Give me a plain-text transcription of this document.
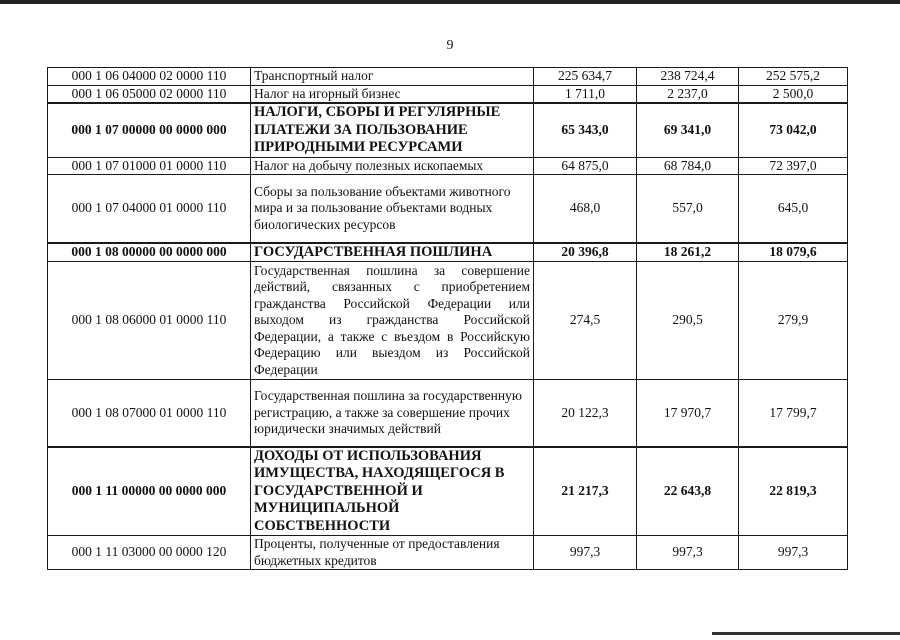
9
000 1 06 04000 02 0000 110	Транспортный налог	225 634,7	238 724,4	252 575,2
000 1 06 05000 02 0000 110	Налог на игорный бизнес	1 711,0	2 237,0	2 500,0
000 1 07 00000 00 0000 000	НАЛОГИ, СБОРЫ И РЕГУЛЯРНЫЕ ПЛАТЕЖИ ЗА ПОЛЬЗОВАНИЕ ПРИРОДНЫМИ РЕСУРСАМИ	65 343,0	69 341,0	73 042,0
000 1 07 01000 01 0000 110	Налог на добычу полезных ископаемых	64 875,0	68 784,0	72 397,0
000 1 07 04000 01 0000 110	Сборы за пользование объектами животного мира и за пользование объектами водных биологических ресурсов	468,0	557,0	645,0
000 1 08 00000 00 0000 000	ГОСУДАРСТВЕННАЯ ПОШЛИНА	20 396,8	18 261,2	18 079,6
000 1 08 06000 01 0000 110	Государственная пошлина за совершение действий, связанных с приобретением гражданства Российской Федерации или выходом из гражданства Российской Федерации, а также с въездом в Российскую Федерацию или выездом из Российской Федерации	274,5	290,5	279,9
000 1 08 07000 01 0000 110	Государственная пошлина за государственную регистрацию, а также за совершение прочих юридически значимых действий	20 122,3	17 970,7	17 799,7
000 1 11 00000 00 0000 000	ДОХОДЫ ОТ ИСПОЛЬЗОВАНИЯ ИМУЩЕСТВА, НАХОДЯЩЕГОСЯ В ГОСУДАРСТВЕННОЙ И МУНИЦИПАЛЬНОЙ СОБСТВЕННОСТИ	21 217,3	22 643,8	22 819,3
000 1 11 03000 00 0000 120	Проценты, полученные от предоставления бюджетных кредитов	997,3	997,3	997,3
